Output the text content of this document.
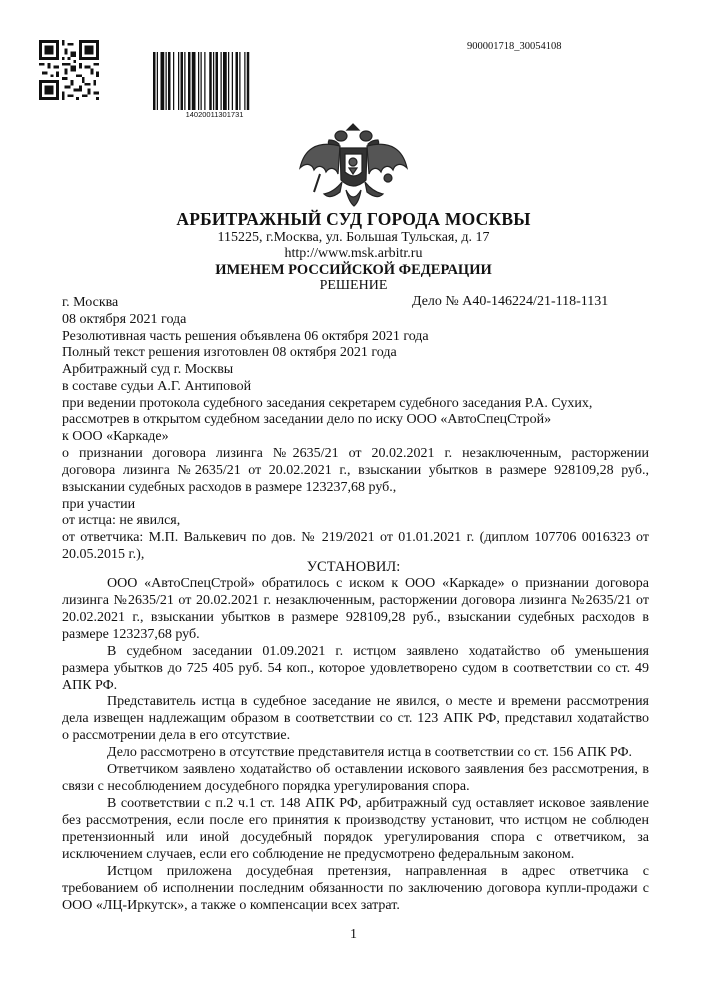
900001718_30054108
14020011301731
АРБИТРАЖНЫЙ СУД ГОРОДА МОСКВЫ
115225, г.Москва, ул. Большая Тульская, д. 17
http://www.msk.arbitr.ru
ИМЕНЕМ РОССИЙСКОЙ ФЕДЕРАЦИИ
РЕШЕНИЕ
г. Москва	Дело № А40-146224/21-118-1131
08 октября 2021 года
Резолютивная часть решения объявлена 06 октября 2021 года
Полный текст решения изготовлен 08 октября 2021 года
Арбитражный суд г. Москвы
в составе судьи А.Г. Антиповой
при ведении протокола судебного заседания секретарем судебного заседания Р.А. Сухих,
рассмотрев в открытом судебном заседании дело по иску ООО «АвтоСпецСтрой»
к ООО «Каркаде»
о признании договора лизинга №2635/21 от 20.02.2021 г. незаключенным, расторжении
договора лизинга №2635/21 от 20.02.2021 г., взыскании убытков в размере 928109,28 руб.,
взыскании судебных расходов в размере 123237,68 руб.,
при участии
от истца: не явился,
от ответчика: М.П. Валькевич по дов. № 219/2021 от 01.01.2021 г. (диплом 107706 0016323 от
20.05.2015 г.),
УСТАНОВИЛ:
ООО «АвтоСпецСтрой» обратилось с иском к ООО «Каркаде» о признании договора
лизинга №2635/21 от 20.02.2021 г. незаключенным, расторжении договора лизинга №2635/21 от
20.02.2021 г., взыскании убытков в размере 928109,28 руб., взыскании судебных расходов в
размере 123237,68 руб.
В судебном заседании 01.09.2021 г. истцом заявлено ходатайство об уменьшения
размера убытков до 725 405 руб. 54 коп., которое удовлетворено судом в соответствии со ст. 49
АПК РФ.
Представитель истца в судебное заседание не явился, о месте и времени рассмотрения
дела извещен надлежащим образом в соответствии со ст. 123 АПК РФ, представил ходатайство
о рассмотрении дела в его отсутствие.
Дело рассмотрено в отсутствие представителя истца в соответствии со ст. 156 АПК РФ.
Ответчиком заявлено ходатайство об оставлении искового заявления без рассмотрения, в
связи с несоблюдением досудебного порядка урегулирования спора.
В соответствии с п.2 ч.1 ст. 148 АПК РФ, арбитражный суд оставляет исковое заявление
без рассмотрения, если после его принятия к производству установит, что истцом не соблюден
претензионный или иной досудебный порядок урегулирования спора с ответчиком, за
исключением случаев, если его соблюдение не предусмотрено федеральным законом.
Истцом приложена досудебная претензия, направленная в адрес ответчика с
требованием об исполнении последним обязанности по заключению договора купли-продажи с
ООО «ЛЦ-Иркутск», а также о компенсации всех затрат.
1
